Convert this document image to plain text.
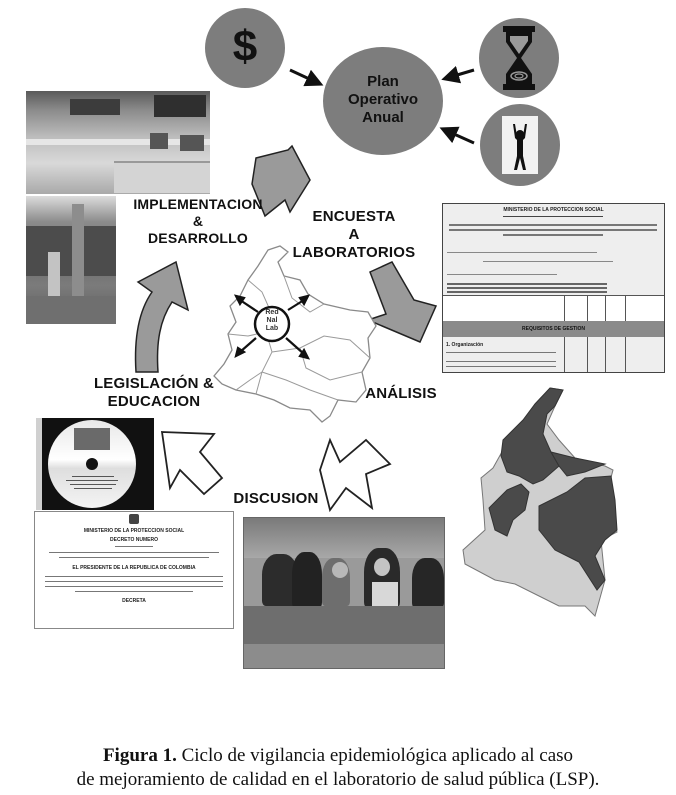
$
Plan
Operativo
Anual
IMPLEMENTACION
&
DESARROLLO
ENCUESTA
A
LABORATORIOS
ANÁLISIS
DISCUSION
LEGISLACIÓN &
EDUCACION
Red
Nal
Lab
MINISTERIO DE LA PROTECCIÓN SOCIAL
REQUISITOS DE GESTION
1. Organización
MINISTERIO DE LA PROTECCION SOCIAL
DECRETO NUMERO
EL PRESIDENTE DE LA REPUBLICA DE COLOMBIA
DECRETA
Figura 1. Ciclo de vigilancia epidemiológica aplicado al caso
de mejoramiento de calidad en el laboratorio de salud pública (LSP).
